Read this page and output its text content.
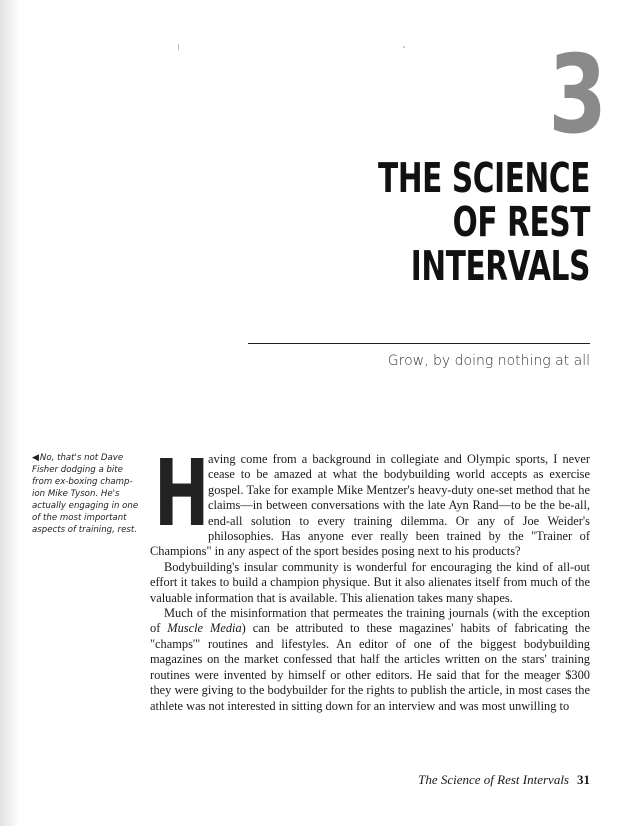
3
THE SCIENCE
OF REST
INTERVALS
Grow, by doing nothing at all
◀No, that's not Dave Fisher dodging a bite from ex-boxing champ-ion Mike Tyson. He's actually engaging in one of the most important aspects of training, rest. H

aving come from a background in collegiate and Olympic sports, I never cease to be amazed at what the bodybuilding world accepts as exercise gospel. Take for example Mike Mentzer's heavy-duty one-set method that he claims—in between conversations with the late Ayn Rand—to be the be-all, end-all solution to every training dilemma. Or any of Joe Weider's philosophies. Has anyone ever really been trained by the "Trainer of Champions" in any aspect of the sport besides posing next to his products?

Bodybuilding's insular community is wonderful for encouraging the kind of all-out effort it takes to build a champion physique. But it also alienates itself from much of the valuable information that is available. This alienation takes many shapes.

Much of the misinformation that permeates the training journals (with the exception of Muscle Media) can be attributed to these magazines' habits of fabricating the "champs'" routines and lifestyles. An editor of one of the biggest bodybuilding magazines on the market confessed that half the articles written on the stars' training routines were invented by himself or other editors. He said that for the meager $300 they were giving to the bodybuilder for the rights to publish the article, in most cases the athlete was not interested in sitting down for an interview and was most unwilling to

The Science of Rest Intervals 31
